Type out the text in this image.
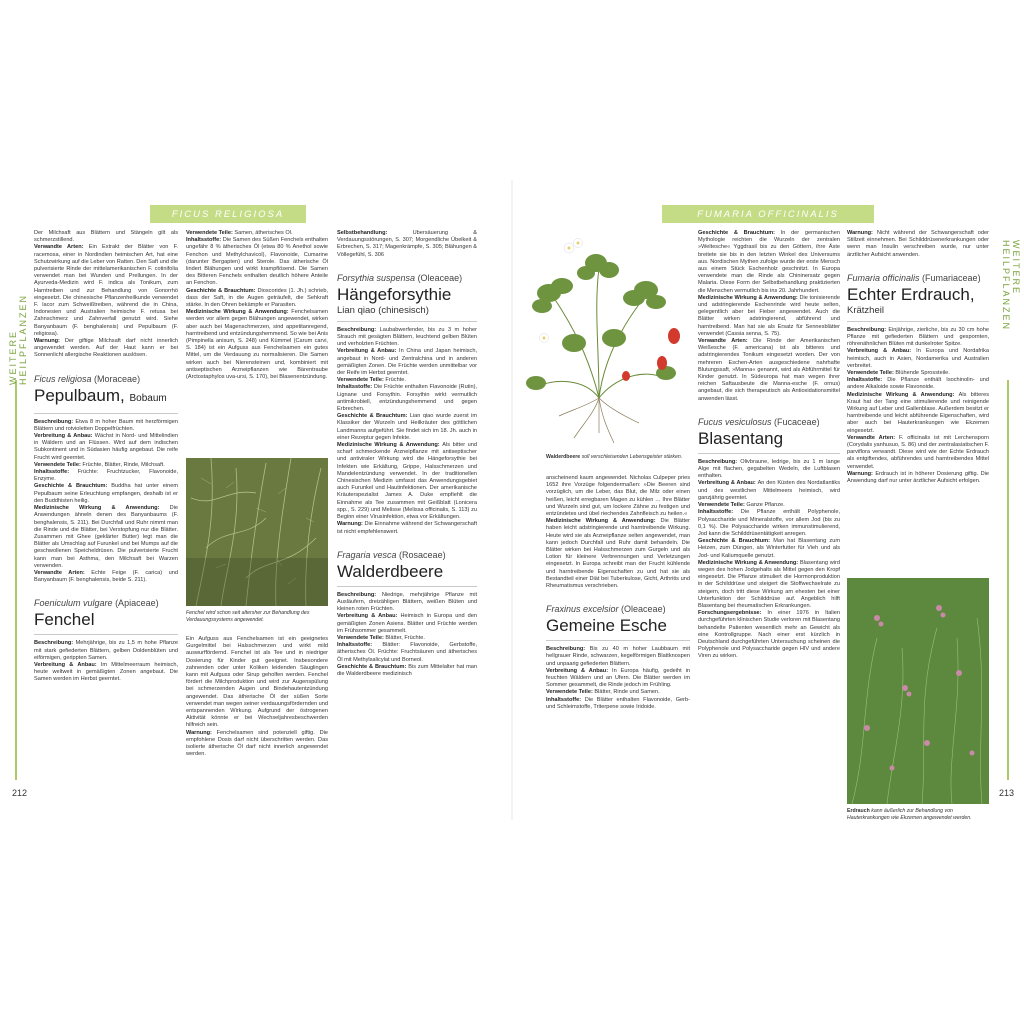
FICUS RELIGIOSA
WEITERE HEILPFLANZEN
212

Der Milchsaft aus Blättern und Stängeln gilt als schmerzstillend.

Verwandte Arten: Ein Extrakt der Blätter von F. racemosa, einer in Nordindien heimischen Art, hat eine Schutzwirkung auf die Leber von Ratten. Den Saft und die pulverisierte Rinde der mittelamerikanischen F. cotinifolia verwendet man bei Wunden und Prellungen. In der Ayurveda-Medizin wird F. indica als Tonikum, zum Harntreiben und zur Behandlung von Gonorrhö eingesetzt. Die chinesische Pflanzenheilkunde verwendet F. lacor zum Schweißtreiben, während die in China, Indonesien und Australien heimische F. retusa bei Zahnschmerz und Zahnverfall genutzt wird. Siehe Banyanbaum (F. benghalensis) und Pepulbaum (F. religiosa).

Warnung: Der giftige Milchsaft darf nicht innerlich angewendet werden. Auf der Haut kann er bei Sonnenlicht allergische Reaktionen auslösen.

Ficus religiosa (Moraceae)
Pepulbaum, Bobaum

Beschreibung: Etwa 8 m hoher Baum mit herzförmigen Blättern und rotvioletten Doppelfrüchten.

Verbreitung & Anbau: Wächst in Nord- und Mittelindien in Wäldern und an Flüssen. Wird auf dem indischen Subkontinent und in Südasien häufig angebaut. Die reife Frucht wird geerntet.

Verwendete Teile: Früchte, Blätter, Rinde, Milchsaft.

Inhaltsstoffe: Früchte: Fruchtzucker, Flavonoide, Enzyme.

Geschichte & Brauchtum: Buddha hat unter einem Pepulbaum seine Erleuchtung empfangen, deshalb ist er den Buddhisten heilig.

Medizinische Wirkung & Anwendung: Die Anwendungen ähneln denen des Banyanbaums (F. benghalensis, S. 211). Bei Durchfall und Ruhr nimmt man die Rinde und die Blätter, bei Verstopfung nur die Blätter. Zusammen mit Ghee (geklärter Butter) legt man die Blätter als Umschlag auf Furunkel und bei Mumps auf die geschwollenen Speicheldrüsen. Die pulverisierte Frucht kann man bei Asthma, den Milchsaft bei Warzen verwenden.

Verwandte Arten: Echte Feige (F. carica) und Banyanbaum (F. benghalensis, beide S. 211).

Foeniculum vulgare (Apiaceae)
Fenchel

Beschreibung: Mehrjährige, bis zu 1,5 m hohe Pflanze mit stark gefiederten Blättern, gelben Doldenblüten und eiförmigen, gerippten Samen.

Verbreitung & Anbau: Im Mittelmeerraum heimisch, heute weltweit in gemäßigten Zonen angebaut. Die Samen werden im Herbst geerntet.

Verwendete Teile: Samen, ätherisches Öl.

Inhaltsstoffe: Die Samen des Süßen Fenchels enthalten ungefähr 8 % ätherisches Öl (etwa 80 % Anethol sowie Fenchon und Methylchavicol), Flavonoide, Cumarine (darunter Bergapten) und Sterole. Das ätherische Öl lindert Blähungen und wirkt krampflösend. Die Samen des Bitteren Fenchels enthalten deutlich höhere Anteile an Fenchon.

Geschichte & Brauchtum: Dioscorides (1. Jh.) schrieb, dass der Saft, in die Augen geträufelt, die Sehkraft stärke. In den Ohren bekämpfe er Parasiten.

Medizinische Wirkung & Anwendung: Fenchelsamen werden vor allem gegen Blähungen angewendet, wirken aber auch bei Magenschmerzen, sind appetitanregend, harntreibend und entzündungshemmend. So wie bei Anis (Pimpinella anisum, S. 248) und Kümmel (Carum carvi, S. 184) ist ein Aufguss aus Fenchelsamen ein gutes Mittel, um die Verdauung zu normalisieren. Die Samen wirken auch bei Nierensteinen und, kombiniert mit antiseptischen Arzneipflanzen wie Bärentraube (Arctostaphylos uva-ursi, S. 170), bei Blasenentzündung.

Fenchel wird schon seit altersher zur Behandlung des Verdauungssystems angewendet.

Ein Aufguss aus Fenchelsamen ist ein geeignetes Gurgelmittel bei Halsschmerzen und wirkt mild auswurffördernd. Fenchel ist als Tee und in niedriger Dosierung für Kinder gut geeignet. Insbesondere zahnenden oder unter Koliken leidenden Säuglingen kann mit Aufguss oder Sirup geholfen werden. Fenchel fördert die Milchproduktion und wird zur Augenspülung bei schmerzenden Augen und Bindehautentzündung angewendet. Das ätherische Öl der süßen Sorte verwendet man wegen seiner verdauungsfördernden und entspannenden Wirkung. Aufgrund der östrogenen Aktivität könnte er bei Wechseljahresbeschwerden hilfreich sein.

Warnung: Fenchelsamen sind potenziell giftig. Die empfohlene Dosis darf nicht überschritten werden. Das isolierte ätherische Öl darf nicht innerlich angewendet werden.

Selbstbehandlung: Übersäuerung & Verdauungsstörungen, S. 307; Morgendliche Übelkeit & Erbrechen, S. 317; Magenkrämpfe, S. 305; Blähungen & Völlegefühl, S. 306

Forsythia suspensa (Oleaceae)
Hängeforsythie
Lian qiao (chinesisch)

Beschreibung: Laubabwerfender, bis zu 3 m hoher Strauch mit gesägten Blättern, leuchtend gelben Blüten und verholzten Früchten.

Verbreitung & Anbau: In China und Japan heimisch, angebaut in Nord- und Zentralchina und in anderen gemäßigten Zonen. Die Früchte werden unmittelbar vor der Reife im Herbst geerntet.

Verwendete Teile: Früchte.

Inhaltsstoffe: Die Früchte enthalten Flavonoide (Rutin), Lignane und Forsythin. Forsythin wirkt vermutlich antimikrobiell, entzündungshemmend und gegen Erbrechen.

Geschichte & Brauchtum: Lian qiao wurde zuerst im Klassiker der Wurzeln und Heilkräuter des göttlichen Landmanns aufgeführt. Sie findet sich im 18. Jh. auch in einer Rezeptur gegen Infekte.

Medizinische Wirkung & Anwendung: Als bitter und scharf schmeckende Arzneipflanze mit antiseptischer und antiviraler Wirkung wird die Hängeforsythie bei Infekten wie Erkältung, Grippe, Halsschmerzen und Mandelentzündung verwendet. In der traditionellen Chinesischen Medizin umfasst das Anwendungsgebiet auch Furunkel und Hautinfektionen. Der amerikanische Kräuterspezialist James A. Duke empfiehlt die Einnahme als Tee zusammen mit Geißblatt (Lonicera spp., S. 229) und Melisse (Melissa officinalis, S. 113) zu Beginn einer Virusinfektion, etwa vor Erkältungen.

Warnung: Die Einnahme während der Schwangerschaft ist nicht empfehlenswert.

Fragaria vesca (Rosaceae)
Walderdbeere

Beschreibung: Niedrige, mehrjährige Pflanze mit Ausläufern, dreizähligen Blättern, weißen Blüten und kleinen roten Früchten.

Verbreitung & Anbau: Heimisch in Europa und den gemäßigten Zonen Asiens. Blätter und Früchte werden im Frühsommer gesammelt.

Verwendete Teile: Blätter, Früchte.

Inhaltsstoffe: Blätter: Flavonoide, Gerbstoffe, ätherisches Öl. Früchte: Fruchtsäuren und ätherisches Öl mit Methylsalicylat und Borneol.

Geschichte & Brauchtum: Bis zum Mittelalter hat man die Walderdbeere medizinisch

FUMARIA OFFICINALIS
WEITERE HEILPFLANZEN
213
Walderdbeere soll verschleisenden Lebensgeister stärken.

anscheinend kaum angewendet. Nicholas Culpeper pries 1652 ihre Vorzüge folgendermaßen: »Die Beeren sind vorzüglich, um die Leber, das Blut, die Milz oder einen heißen, leicht erregbaren Magen zu kühlen … Ihre Blätter und Wurzeln sind gut, um lockere Zähne zu festigen und entzündetes und übel riechendes Zahnfleisch zu heilen.«

Medizinische Wirkung & Anwendung: Die Blätter haben leicht adstringierende und harntreibende Wirkung. Heute wird sie als Arzneipflanze selten angewendet, man kann jedoch Durchfall und Ruhr damit behandeln. Die Blätter wirken bei Halsschmerzen zum Gurgeln und als Lotion für kleinere Verbrennungen und Verletzungen eingesetzt. In Europa schreibt man der Frucht kühlende und harntreibende Eigenschaften zu und hat sie als Bestandteil einer Diät bei Tuberkulose, Gicht, Arthritis und Rheumatismus verschrieben.

Fraxinus excelsior (Oleaceae)
Gemeine Esche

Beschreibung: Bis zu 40 m hoher Laubbaum mit hellgrauer Rinde, schwarzen, kegelförmigen Blattknospen und unpaarig gefiederten Blättern.

Verbreitung & Anbau: In Europa häufig, gedeiht in feuchten Wäldern und an Ufern. Die Blätter werden im Sommer gesammelt, die Rinde jedoch im Frühling.

Verwendete Teile: Blätter, Rinde und Samen.

Inhaltsstoffe: Die Blätter enthalten Flavonoide, Gerb- und Schleimstoffe, Triterpene sowie Iridoide.

Geschichte & Brauchtum: In der germanischen Mythologie reichten die Wurzeln der zentralen »Weltesche« Yggdrasil bis zu den Göttern, ihre Äste breitete sie bis in den letzten Winkel des Universums aus. Nordischen Mythen zufolge wurde der erste Mensch aus einem Stück Eschenholz geschnitzt. In Europa verwendete man die Rinde als Chininersatz gegen Malaria. Diese Form der Selbstbehandlung praktizierten die Menschen vermutlich bis ins 20. Jahrhundert.

Medizinische Wirkung & Anwendung: Die tonisierende und adstringierende Eschenrinde wird heute selten, gelegentlich aber bei Fieber angewendet. Auch die Blätter wirken adstringierend, abführend und harntreibend. Man hat sie als Ersatz für Sennesblätter verwendet (Cassia senna, S. 75).

Verwandte Arten: Die Rinde der Amerikanischen Weißesche (F. americana) ist als bitteres und adstringierendes Tonikum eingesetzt worden. Der von mehreren Eschen-Arten ausgeschiedene nahrhafte Blutungssaft, »Manna« genannt, wird als Abführmittel für Kinder genutzt. In Südeuropa hat man wegen ihrer reichen Saftausbeute die Manna-esche (F. ornus) angebaut, die sich therapeutisch als Antioxidationsmittel anwenden lässt.

Fucus vesiculosus (Fucaceae)
Blasentang

Beschreibung: Olivbraune, ledrige, bis zu 1 m lange Alge mit flachen, gegabelten Wedeln, die Luftblasen enthalten.

Verbreitung & Anbau: An den Küsten des Nordatlantiks und des westlichen Mittelmeers heimisch, wird ganzjährig geerntet.

Verwendete Teile: Ganze Pflanze.

Inhaltsstoffe: Die Pflanze enthält Polyphenole, Polysaccharide und Mineralstoffe, vor allem Jod (bis zu 0,1 %). Die Polysaccharide wirken immunstimulierend, Jod kann die Schilddrüsentätigkeit anregen.

Geschichte & Brauchtum: Man hat Blasentang zum Heizen, zum Düngen, als Winterfutter für Vieh und als Jod- und Kaliumquelle genutzt.

Medizinische Wirkung & Anwendung: Blasentang wird wegen des hohen Jodgehalts als Mittel gegen den Kropf eingesetzt. Die Pflanze stimuliert die Hormonproduktion in der Schilddrüse und steigert die Stoffwechselrate zu steigern, doch tritt diese Wirkung am ehesten bei einer Unterfunktion der Schilddrüse auf. Angeblich hilft Blasentang bei rheumatischen Erkrankungen.

Forschungsergebnisse: In einer 1976 in Italien durchgeführten klinischen Studie verloren mit Blasentang behandelte Patienten wesentlich mehr an Gewicht als eine Kontrollgruppe. Nach einer erst kürzlich in Deutschland durchgeführten Untersuchung scheinen die Polyphenole und Polysaccharide gegen HIV und andere Viren zu wirken.

Warnung: Nicht während der Schwangerschaft oder Stillzeit einnehmen. Bei Schilddrüsenerkrankungen oder wenn man Insulin verschreiben wurde, nur unter ärztlicher Aufsicht anwenden.

Fumaria officinalis (Fumariaceae)
Echter Erdrauch,
Krätzheil

Beschreibung: Einjährige, zierliche, bis zu 30 cm hohe Pflanze mit gefiederten Blättern und gespornten, röhrenähnlichen Blüten mit dunkelroter Spitze.

Verbreitung & Anbau: In Europa und Nordafrika heimisch, auch in Asien, Nordamerika und Australien verbreitet.

Verwendete Teile: Blühende Sprossteile.

Inhaltsstoffe: Die Pflanze enthält Isochinolin- und andere Alkaloide sowie Flavonoide.

Medizinische Wirkung & Anwendung: Als bitteres Kraut hat der Tang eine stimulierende und reinigende Wirkung auf Leber und Gallenblase. Außerdem besitzt er harntreibende und leicht abführende Eigenschaften, wird aber auch bei Hauterkrankungen wie Ekzemen eingesetzt.

Verwandte Arten: F. officinalis ist mit Lerchensporn (Corydalis yanhusuo, S. 86) und der zentralasiatischen F. parviflora verwandt. Diese wird wie der Echte Erdrauch als entgiftendes, abführendes und harntreibendes Mittel verwendet.

Warnung: Erdrauch ist in höherer Dosierung giftig. Die Anwendung darf nur unter ärztlicher Aufsicht erfolgen.

Erdrauch kann äußerlich zur Behandlung von Hauterkrankungen wie Ekzemen angewendet werden.
